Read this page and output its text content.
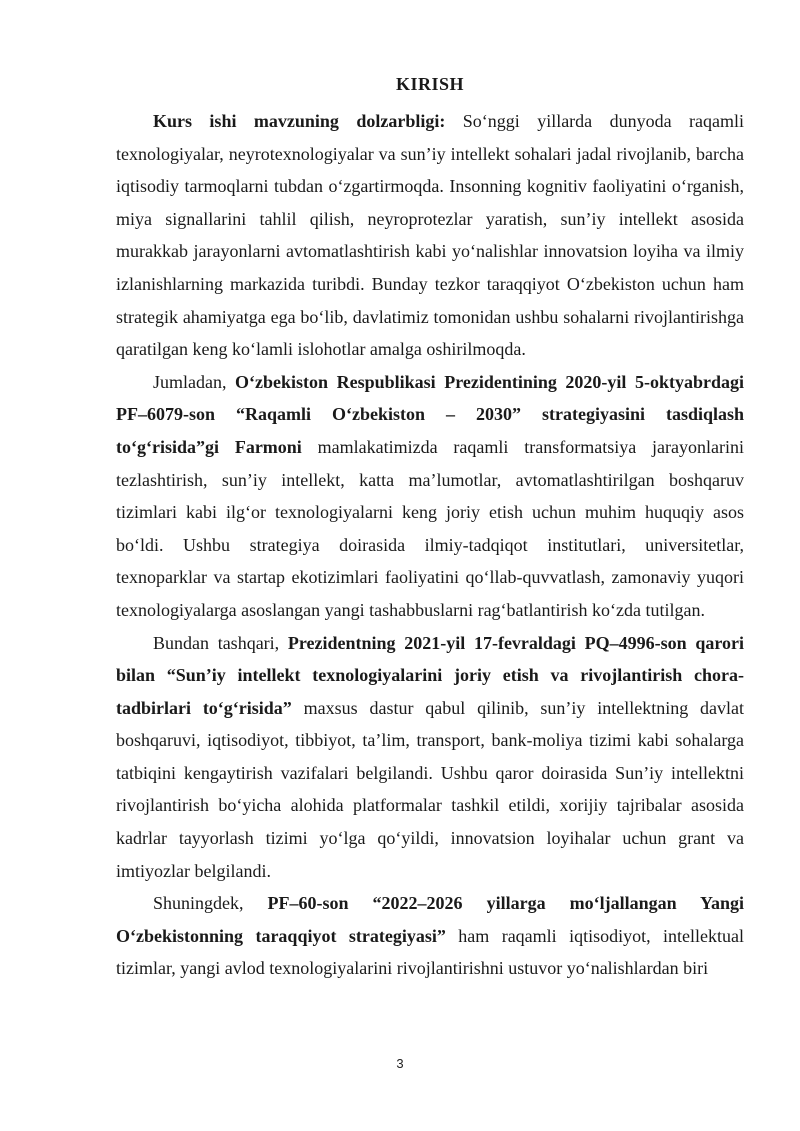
KIRISH

Kurs ishi mavzuning dolzarbligi: So‘nggi yillarda dunyoda raqamli texnologiyalar, neyrotexnologiyalar va sun’iy intellekt sohalari jadal rivojlanib, barcha iqtisodiy tarmoqlarni tubdan o‘zgartirmoqda. Insonning kognitiv faoliyatini o‘rganish, miya signallarini tahlil qilish, neyroprotezlar yaratish, sun’iy intellekt asosida murakkab jarayonlarni avtomatlashtirish kabi yo‘nalishlar innovatsion loyiha va ilmiy izlanishlarning markazida turibdi. Bunday tezkor taraqqiyot O‘zbekiston uchun ham strategik ahamiyatga ega bo‘lib, davlatimiz tomonidan ushbu sohalarni rivojlantirishga qaratilgan keng ko‘lamli islohotlar amalga oshirilmoqda.

Jumladan, O‘zbekiston Respublikasi Prezidentining 2020-yil 5-oktyabrdagi PF–6079-son “Raqamli O‘zbekiston – 2030” strategiyasini tasdiqlash to‘g‘risida”gi Farmoni mamlakatimizda raqamli transformatsiya jarayonlarini tezlashtirish, sun’iy intellekt, katta ma’lumotlar, avtomatlashtirilgan boshqaruv tizimlari kabi ilg‘or texnologiyalarni keng joriy etish uchun muhim huquqiy asos bo‘ldi. Ushbu strategiya doirasida ilmiy-tadqiqot institutlari, universitetlar, texnoparklar va startap ekotizimlari faoliyatini qo‘llab-quvvatlash, zamonaviy yuqori texnologiyalarga asoslangan yangi tashabbuslarni rag‘batlantirish ko‘zda tutilgan.

Bundan tashqari, Prezidentning 2021-yil 17-fevraldagi PQ–4996-son qarori bilan “Sun’iy intellekt texnologiyalarini joriy etish va rivojlantirish chora-tadbirlari to‘g‘risida” maxsus dastur qabul qilinib, sun’iy intellektning davlat boshqaruvi, iqtisodiyot, tibbiyot, ta’lim, transport, bank-moliya tizimi kabi sohalarga tatbiqini kengaytirish vazifalari belgilandi. Ushbu qaror doirasida Sun’iy intellektni rivojlantirish bo‘yicha alohida platformalar tashkil etildi, xorijiy tajribalar asosida kadrlar tayyorlash tizimi yo‘lga qo‘yildi, innovatsion loyihalar uchun grant va imtiyozlar belgilandi.

Shuningdek, PF–60-son “2022–2026 yillarga mo‘ljallangan Yangi O‘zbekistonning taraqqiyot strategiyasi” ham raqamli iqtisodiyot, intellektual tizimlar, yangi avlod texnologiyalarini rivojlantirishni ustuvor yo‘nalishlardan biri

3
